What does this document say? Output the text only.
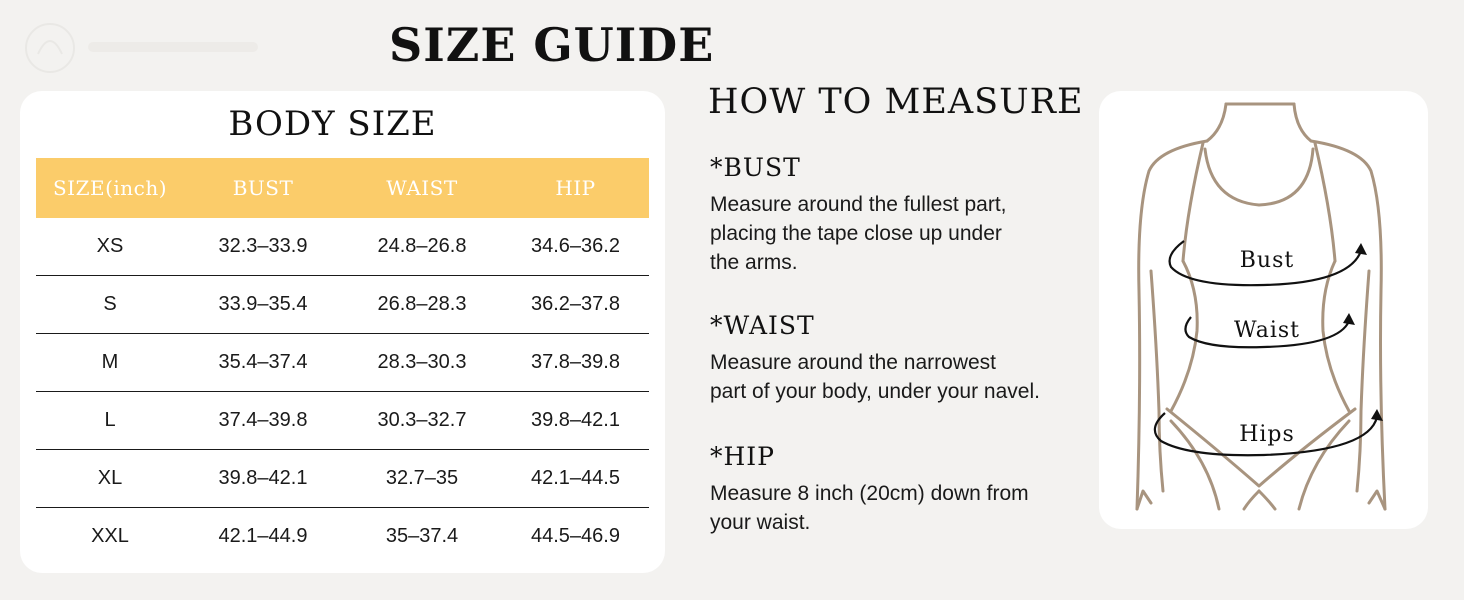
SIZE GUIDE
BODY SIZE
SIZE(inch)	BUST	WAIST	HIP
XS	32.3–33.9	24.8–26.8	34.6–36.2
S	33.9–35.4	26.8–28.3	36.2–37.8
M	35.4–37.4	28.3–30.3	37.8–39.8
L	37.4–39.8	30.3–32.7	39.8–42.1
XL	39.8–42.1	32.7–35	42.1–44.5
XXL	42.1–44.9	35–37.4	44.5–46.9
HOW TO MEASURE
*BUST

Measure around the fullest part,
placing the tape close up under
the arms.

*WAIST

Measure around the narrowest
part of your body, under your navel.

*HIP

Measure 8 inch (20cm) down from
your waist.

Bust
Waist
Hips
